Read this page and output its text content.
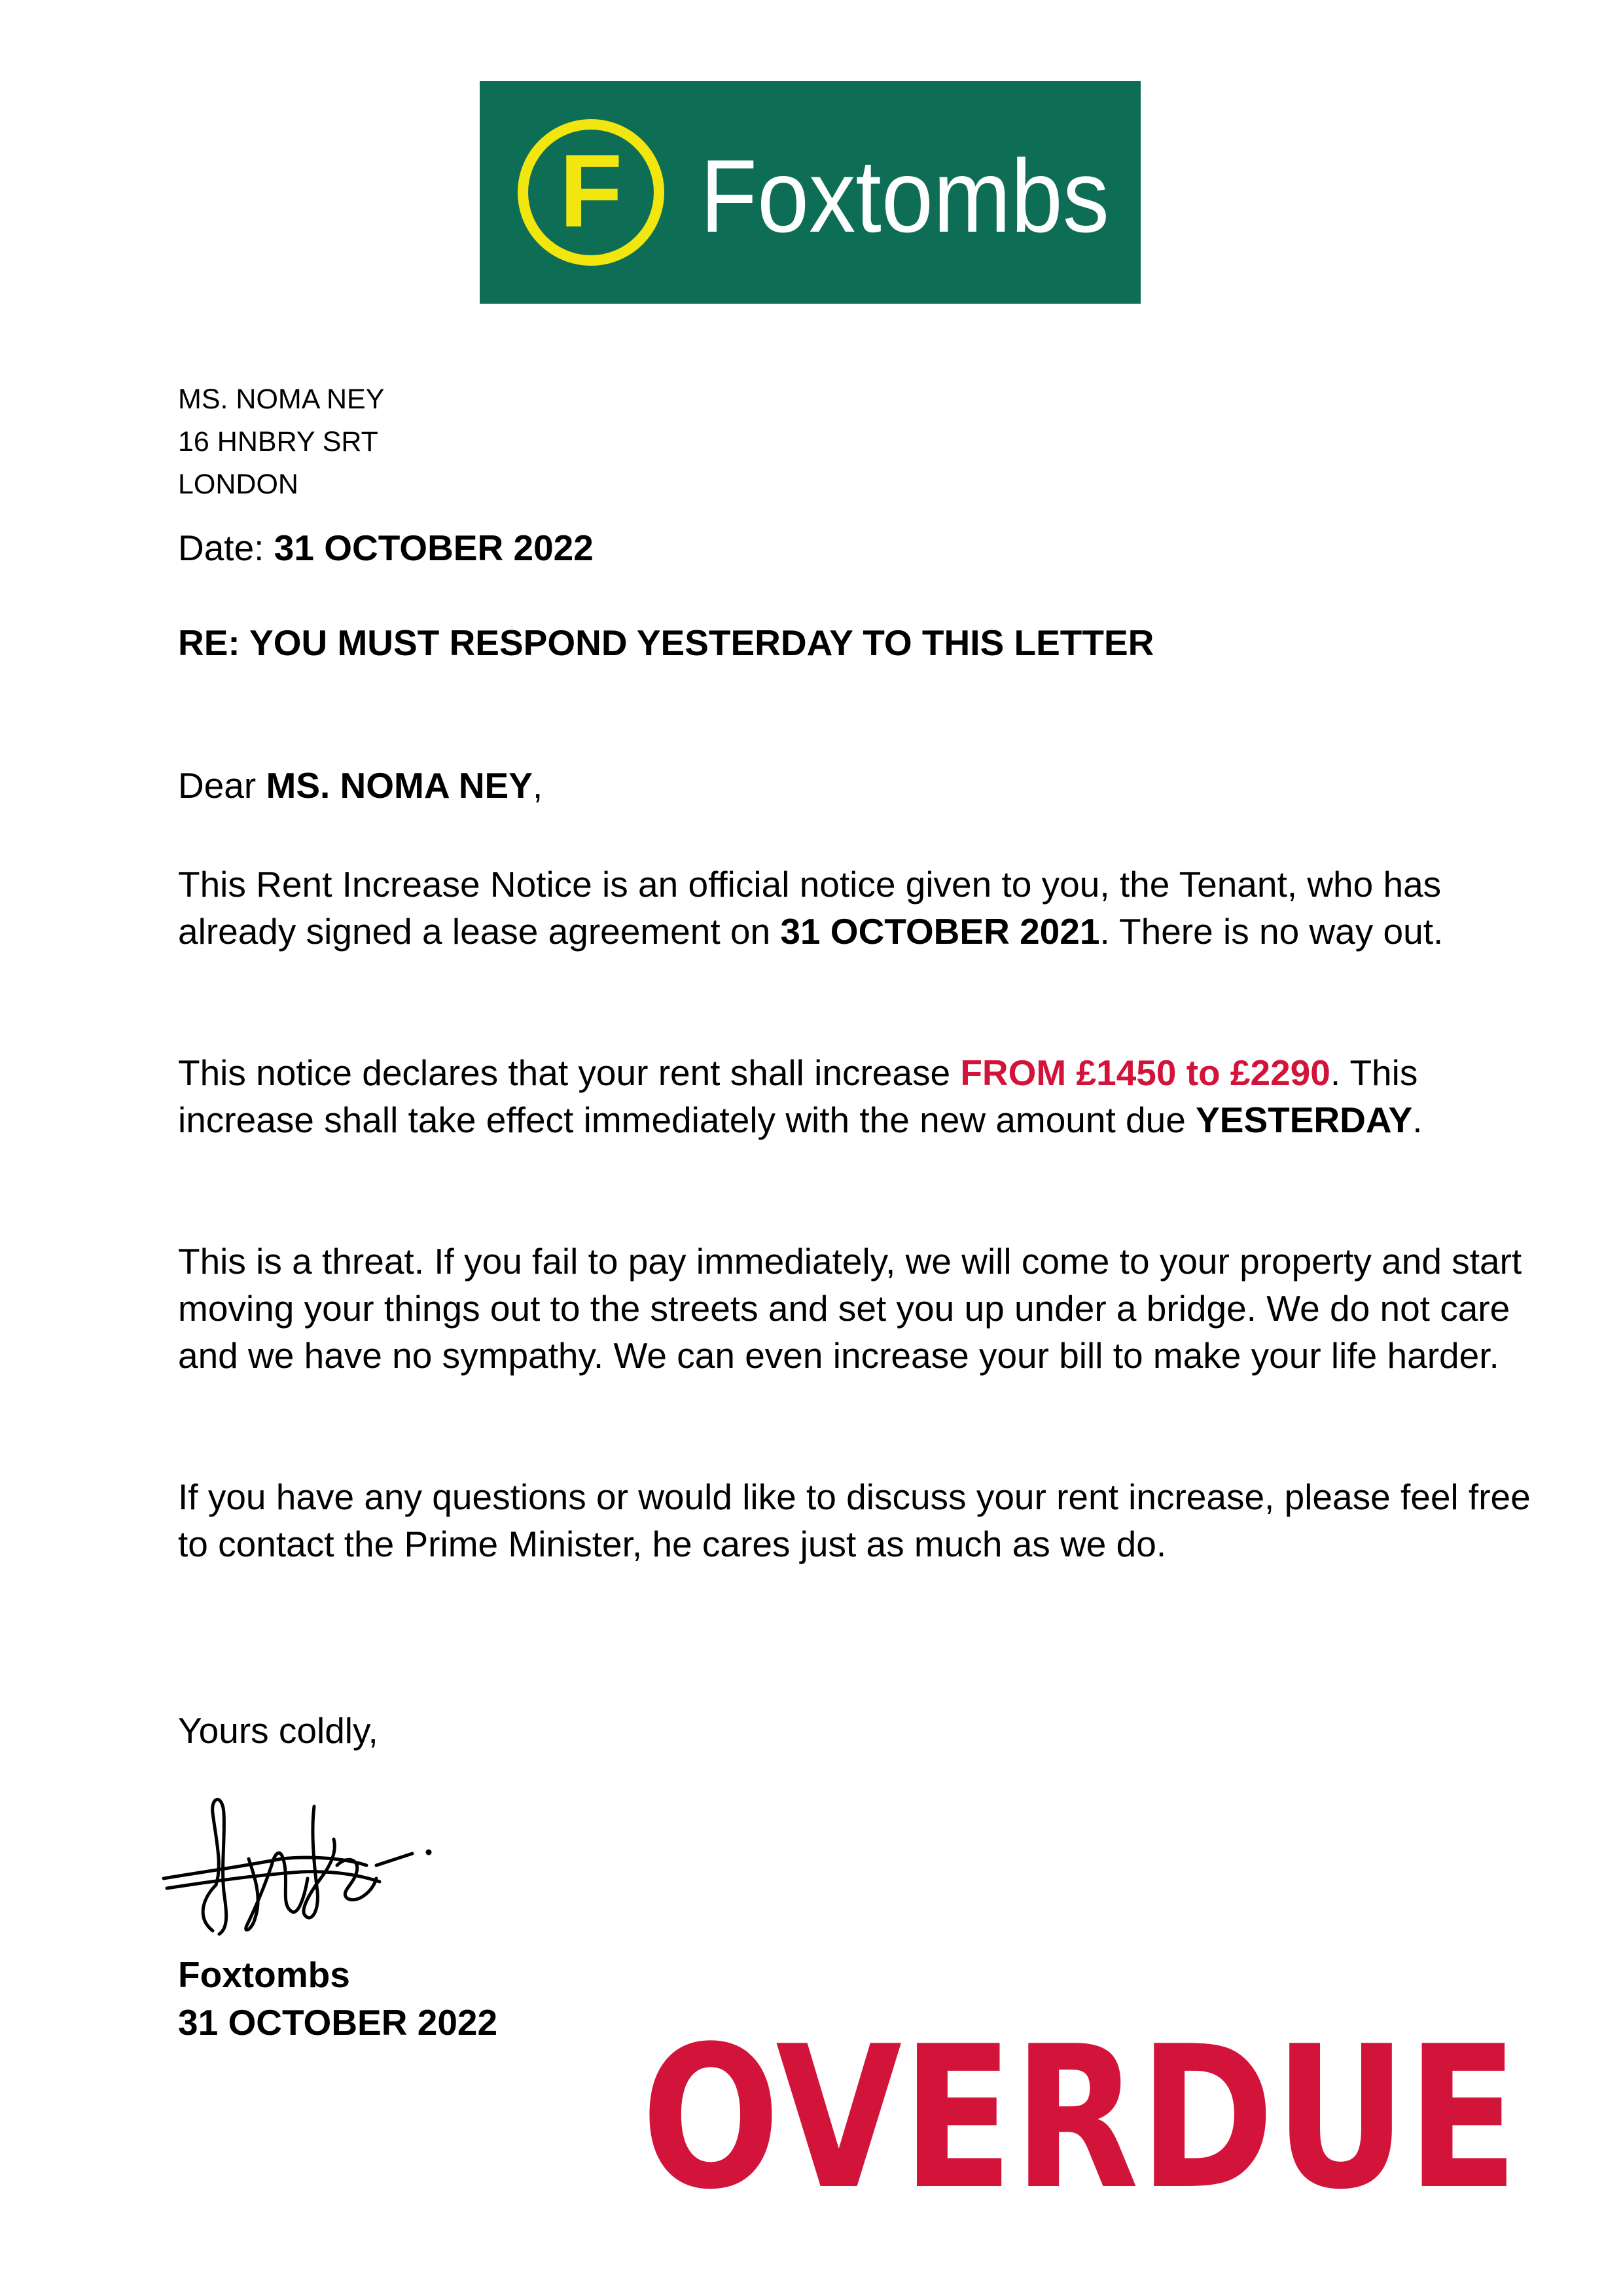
F Foxtombs
MS. NOMA NEY
16 HNBRY SRT
LONDON
Date: 31 OCTOBER 2022
RE: YOU MUST RESPOND YESTERDAY TO THIS LETTER
Dear MS. NOMA NEY,

This Rent Increase Notice is an official notice given to you, the Tenant, who has already signed a lease agreement on 31 OCTOBER 2021. There is no way out.

This notice declares that your rent shall increase FROM £1450 to £2290. This increase shall take effect immediately with the new amount due YESTERDAY.

This is a threat. If you fail to pay immediately, we will come to your property and start moving your things out to the streets and set you up under a bridge. We do not care and we have no sympathy. We can even increase your bill to make your life harder.

If you have any questions or would like to discuss your rent increase, please feel free to contact the Prime Minister, he cares just as much as we do.

Yours coldly,
Foxtombs
31 OCTOBER 2022 OVERDUE
